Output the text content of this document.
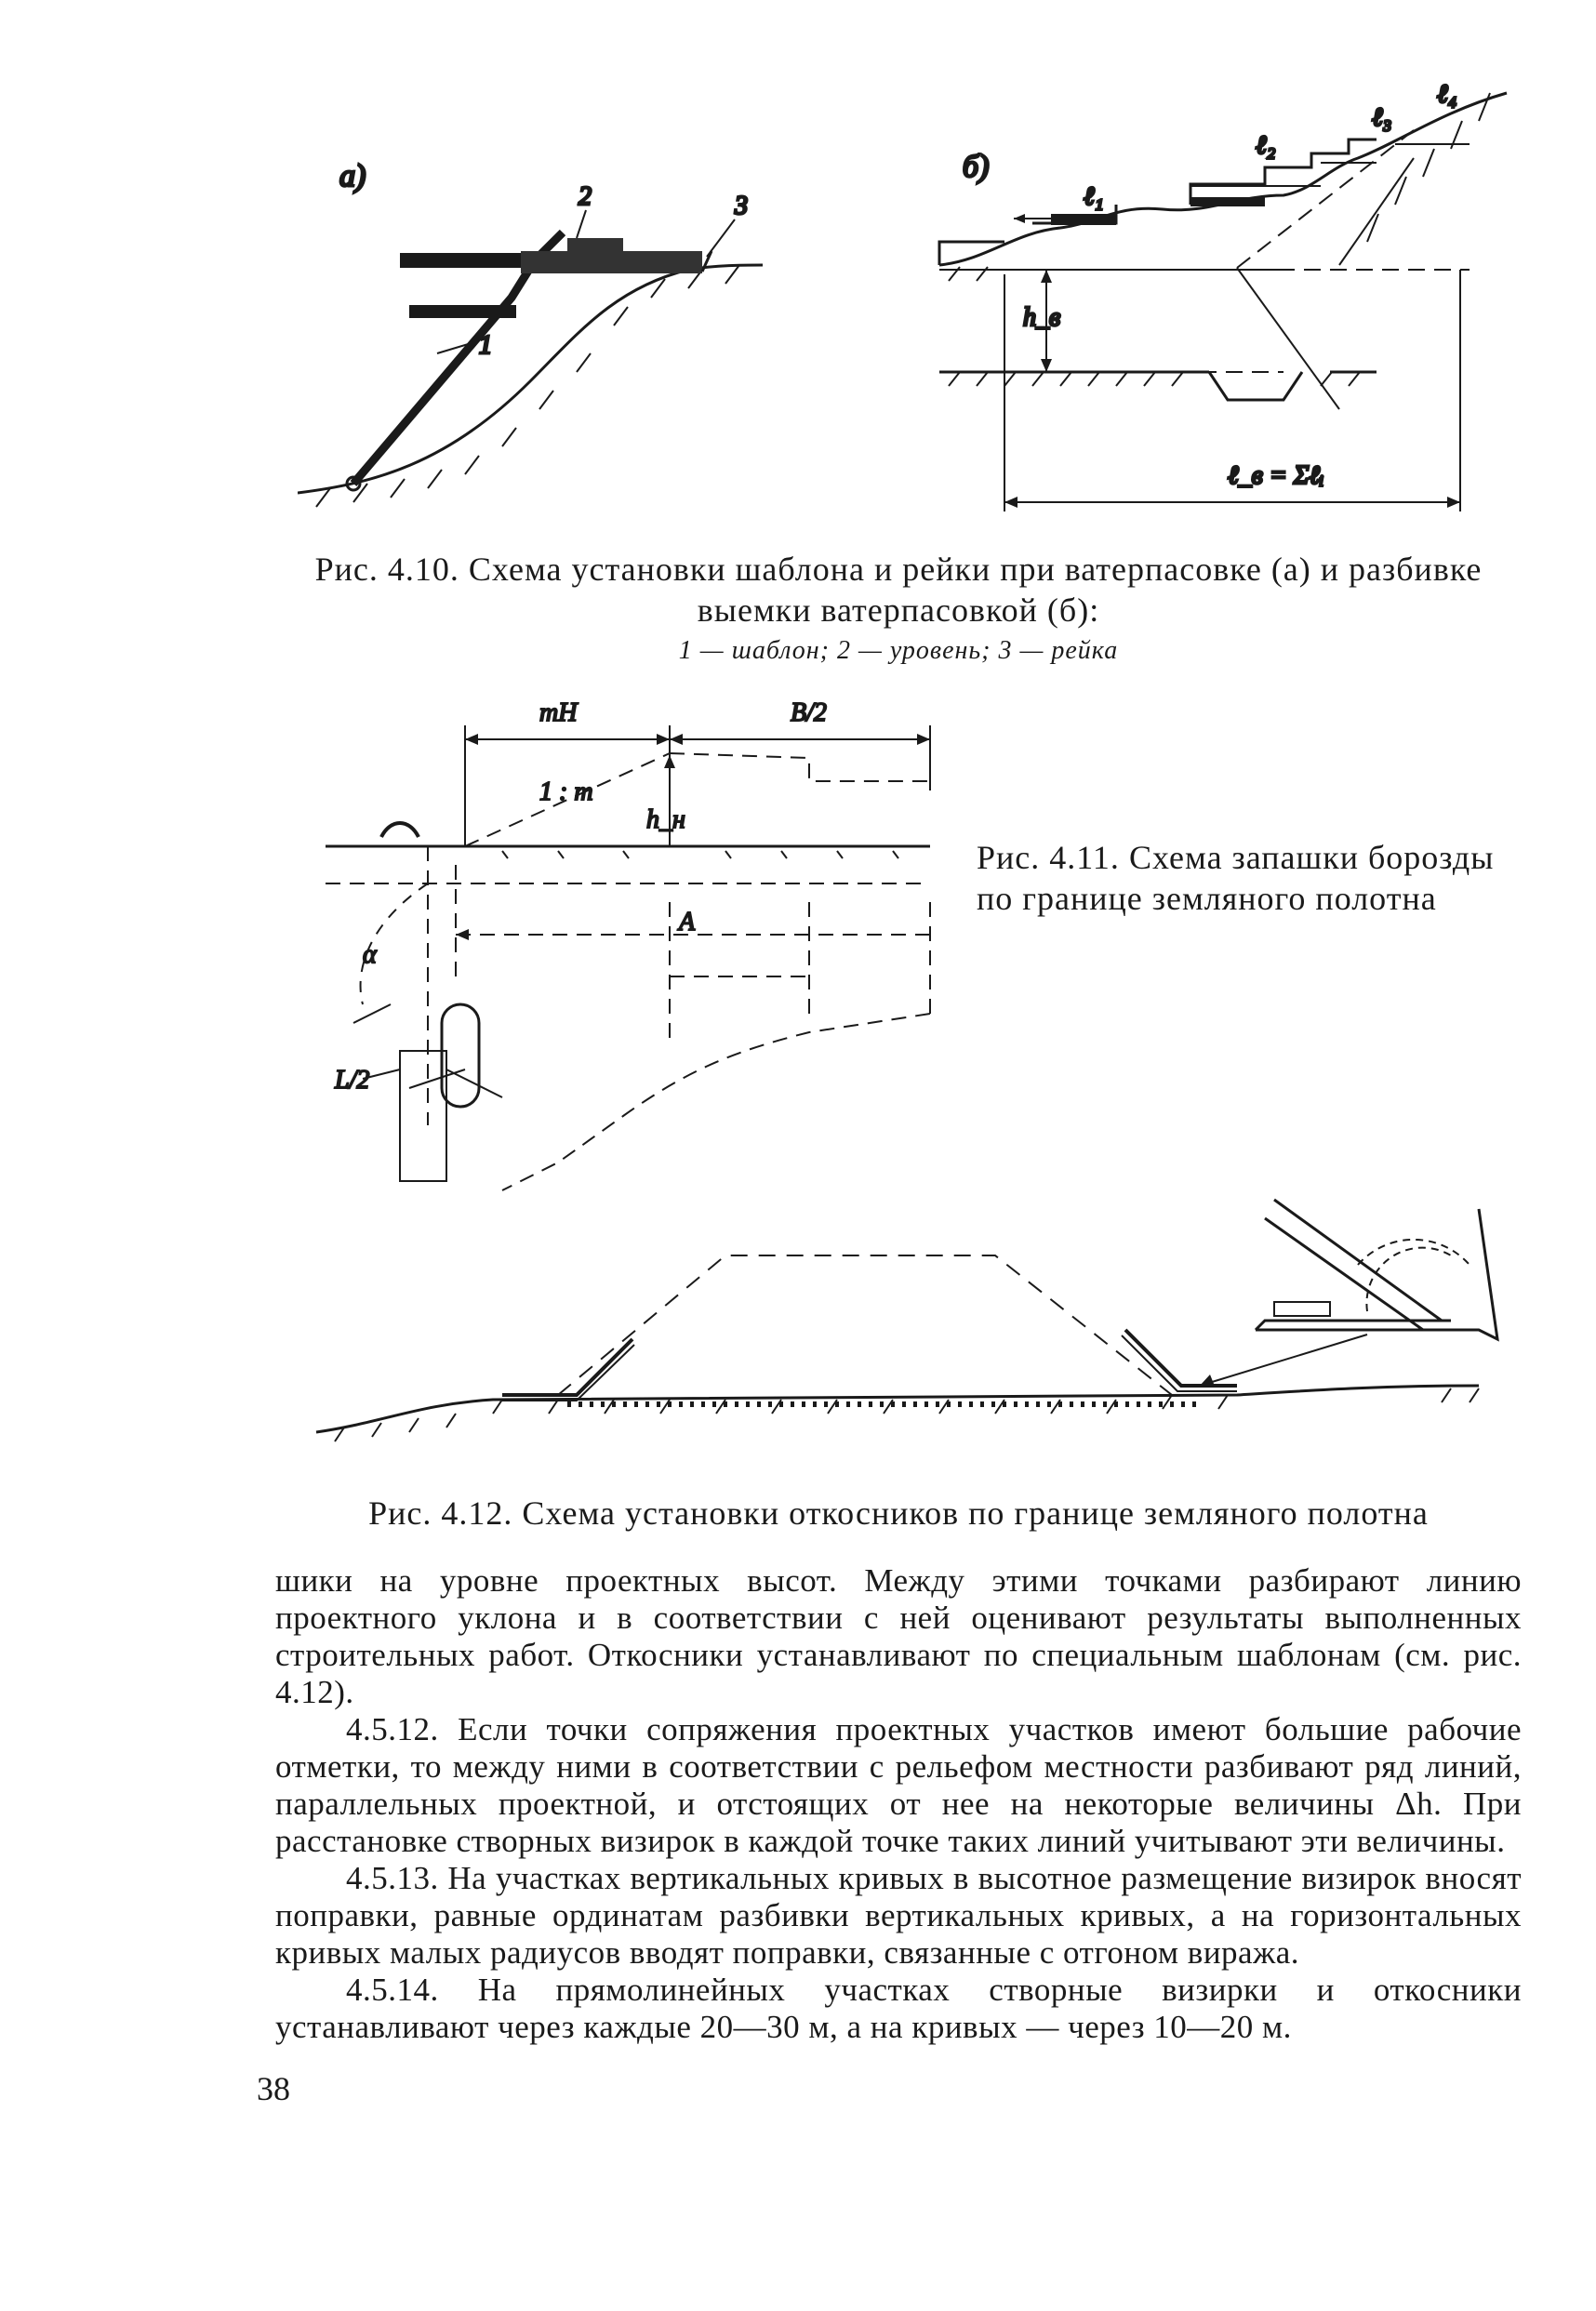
а)
1
2	3
б)
ℓ₁
ℓ₂
ℓ₃
ℓ₄
h_в
ℓ_в = Σℓᵢ
Рис. 4.10. Схема установки шаблона и рейки при ватерпасовке (а) и разбивке выемки ватерпасовкой (б):
1 — шаблон; 2 — уровень; 3 — рейка
mH	B/2
1 : m
h_н
A
L/2
α
Рис. 4.11. Схема запашки борозды по границе земляного полотна
Рис. 4.12. Схема установки откосников по границе земляного полотна

шики на уровне проектных высот. Между этими точками разбирают линию проектного уклона и в соответствии с ней оценивают результаты выполненных строительных работ. Откосники устанавливают по специальным шаблонам (см. рис. 4.12).

4.5.12. Если точки сопряжения проектных участков имеют большие рабочие отметки, то между ними в соответствии с рельефом местности разбивают ряд линий, параллельных проектной, и отстоящих от нее на некоторые величины Δh. При расстановке створных визирок в каждой точке таких линий учитывают эти величины.

4.5.13. На участках вертикальных кривых в высотное размещение визирок вносят поправки, равные ординатам разбивки вертикальных кривых, а на горизонтальных кривых малых радиусов вводят поправки, связанные с отгоном виража.

4.5.14. На прямолинейных участках створные визирки и откосники устанавливают через каждые 20—30 м, а на кривых — через 10—20 м.

38
